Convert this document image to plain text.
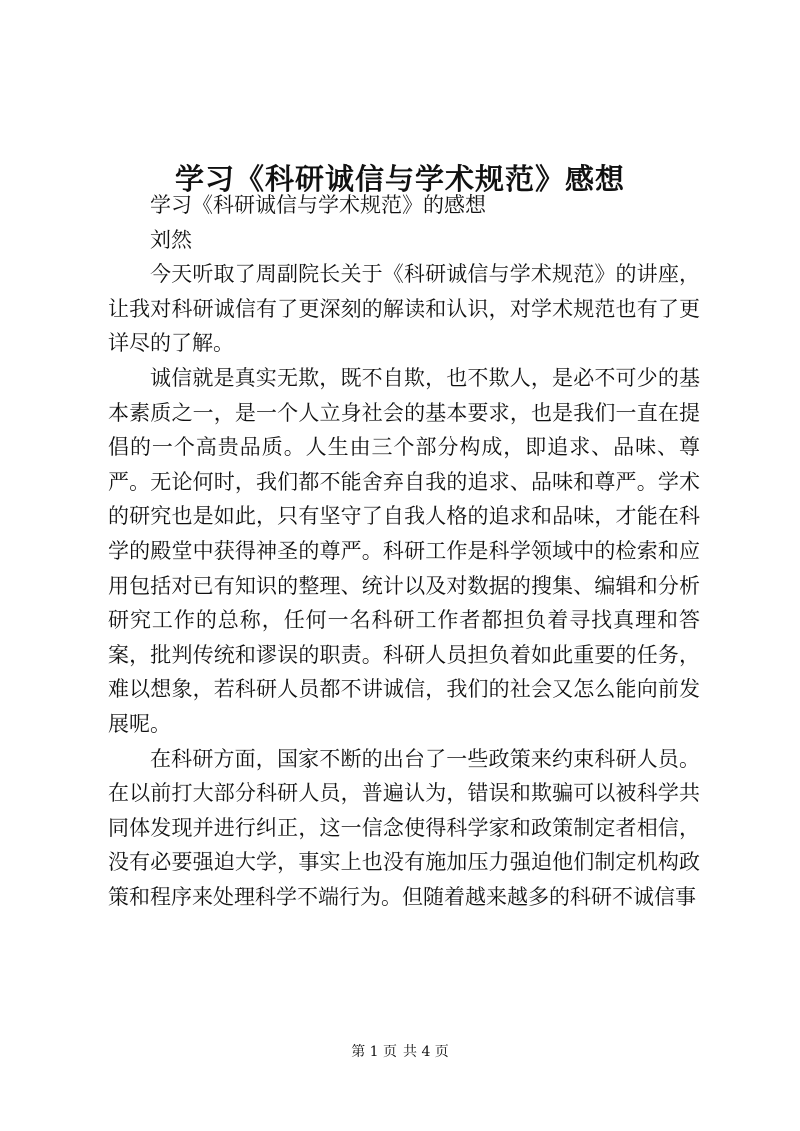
学习《科研诚信与学术规范》感想

学习《科研诚信与学术规范》的感想

刘然

今天听取了周副院长关于《科研诚信与学术规范》的讲座，让我对科研诚信有了更深刻的解读和认识，对学术规范也有了更详尽的了解。

诚信就是真实无欺，既不自欺，也不欺人，是必不可少的基本素质之一，是一个人立身社会的基本要求，也是我们一直在提倡的一个高贵品质。人生由三个部分构成，即追求、品味、尊严。无论何时，我们都不能舍弃自我的追求、品味和尊严。学术的研究也是如此，只有坚守了自我人格的追求和品味，才能在科学的殿堂中获得神圣的尊严。科研工作是科学领域中的检索和应用包括对已有知识的整理、统计以及对数据的搜集、编辑和分析研究工作的总称，任何一名科研工作者都担负着寻找真理和答案，批判传统和谬误的职责。科研人员担负着如此重要的任务，难以想象，若科研人员都不讲诚信，我们的社会又怎么能向前发展呢。

在科研方面，国家不断的出台了一些政策来约束科研人员。在以前打大部分科研人员，普遍认为，错误和欺骗可以被科学共同体发现并进行纠正，这一信念使得科学家和政策制定者相信，没有必要强迫大学，事实上也没有施加压力强迫他们制定机构政策和程序来处理科学不端行为。但随着越来越多的科研不诚信事

第 1 页 共 4 页
